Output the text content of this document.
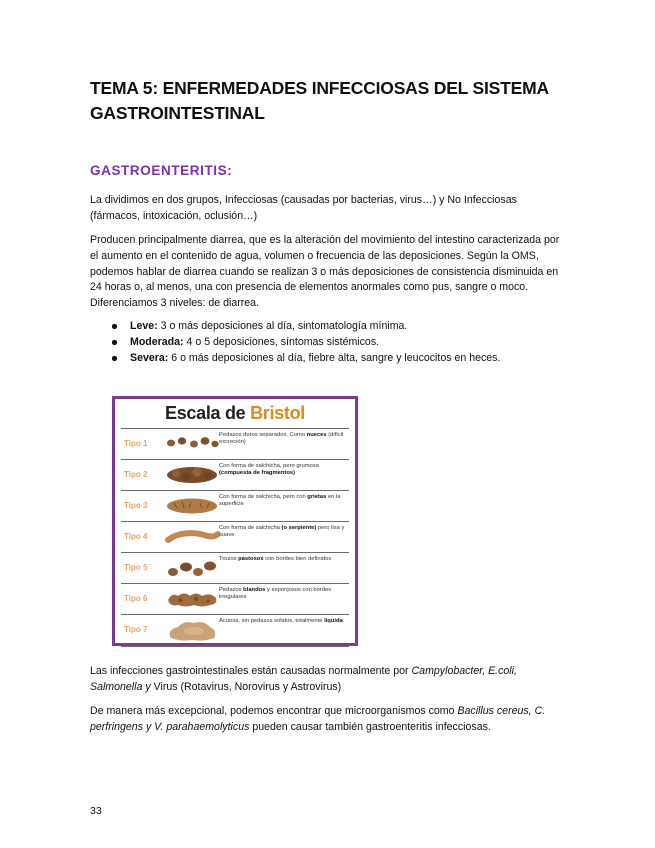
TEMA 5: ENFERMEDADES INFECCIOSAS DEL SISTEMA GASTROINTESTINAL
GASTROENTERITIS:

La dividimos en dos grupos, Infecciosas (causadas por bacterias, virus…) y No Infecciosas (fármacos, intoxicación, oclusión…)

Producen principalmente diarrea, que es la alteración del movimiento del intestino caracterizada por el aumento en el contenido de agua, volumen o frecuencia de las deposiciones. Según la OMS, podemos hablar de diarrea cuando se realizan 3 o más deposiciones de consistencia disminuida en 24 horas o, al menos, una con presencia de elementos anormales como pus, sangre o moco. Diferenciamos 3 niveles: de diarrea.

Leve: 3 o más deposiciones al día, sintomatología mínima.
Moderada: 4 o 5 deposiciones, síntomas sistémicos.
Severa: 6 o más deposiciones al día, fiebre alta, sangre y leucocitos en heces.
Escala de Bristol
Tipo 1
Pedazos duros separados. Como nueces (difícil excreción)
Tipo 2
Con forma de salchicha, pero grumosa (compuesta de fragmentos)
Tipo 3
Con forma de salchicha, pero con grietas en la superficie
Tipo 4
Con forma de salchicha (o serpiente) pero lisa y suave
Tipo 5
Trozos pastosos con bordes bien definidos
Tipo 6
Pedazos blandos y esponjosos con bordes irregulares
Tipo 7
Acuosa, sin pedazos sólidos, totalmente líquida

Las infecciones gastrointestinales están causadas normalmente por Campylobacter, E.coli, Salmonella y Virus (Rotavirus, Norovirus y Astrovirus)

De manera más excepcional, podemos encontrar que microorganismos como Bacillus cereus, C. perfringens y V. parahaemolyticus pueden causar también gastroenteritis infecciosas.

33
